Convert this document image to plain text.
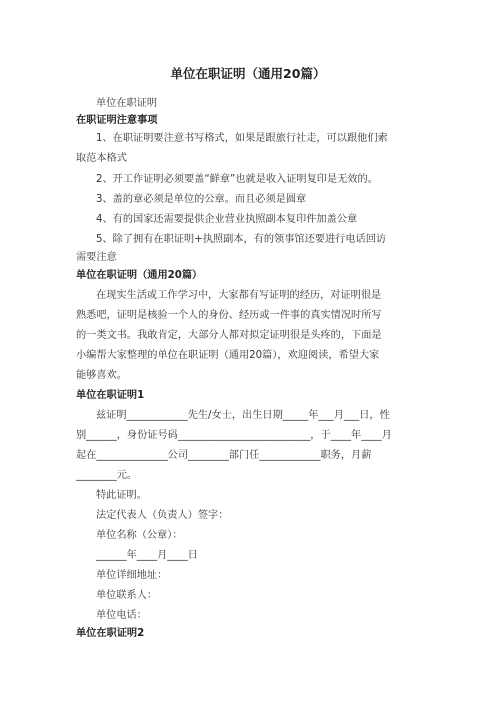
单位在职证明（通用20篇）
单位在职证明
在职证明注意事项
1、在职证明要注意书写格式，如果是跟旅行社走，可以跟他们索
取范本格式
2、开工作证明必须要盖“鲜章”也就是收入证明复印是无效的。
3、盖的章必须是单位的公章。而且必须是圆章
4、有的国家还需要提供企业营业执照副本复印件加盖公章
5、除了拥有在职证明+执照副本，有的领事馆还要进行电话回访
需要注意
单位在职证明（通用20篇）
在现实生活或工作学习中，大家都有写证明的经历，对证明很是
熟悉吧，证明是核验一个人的身份、经历或一件事的真实情况时所写
的一类文书。我敢肯定，大部分人都对拟定证明很是头疼的，下面是
小编帮大家整理的单位在职证明（通用20篇），欢迎阅读，希望大家
能够喜欢。
单位在职证明1
兹证明____________先生/女士，出生日期_____年___月___日，性
别______，身份证号码__________________________，于____年____月
起在______________公司________部门任____________职务，月薪
________元。
特此证明。
法定代表人（负责人）签字：
单位名称（公章）：
______年____月____日
单位详细地址：
单位联系人：
单位电话：
单位在职证明2
